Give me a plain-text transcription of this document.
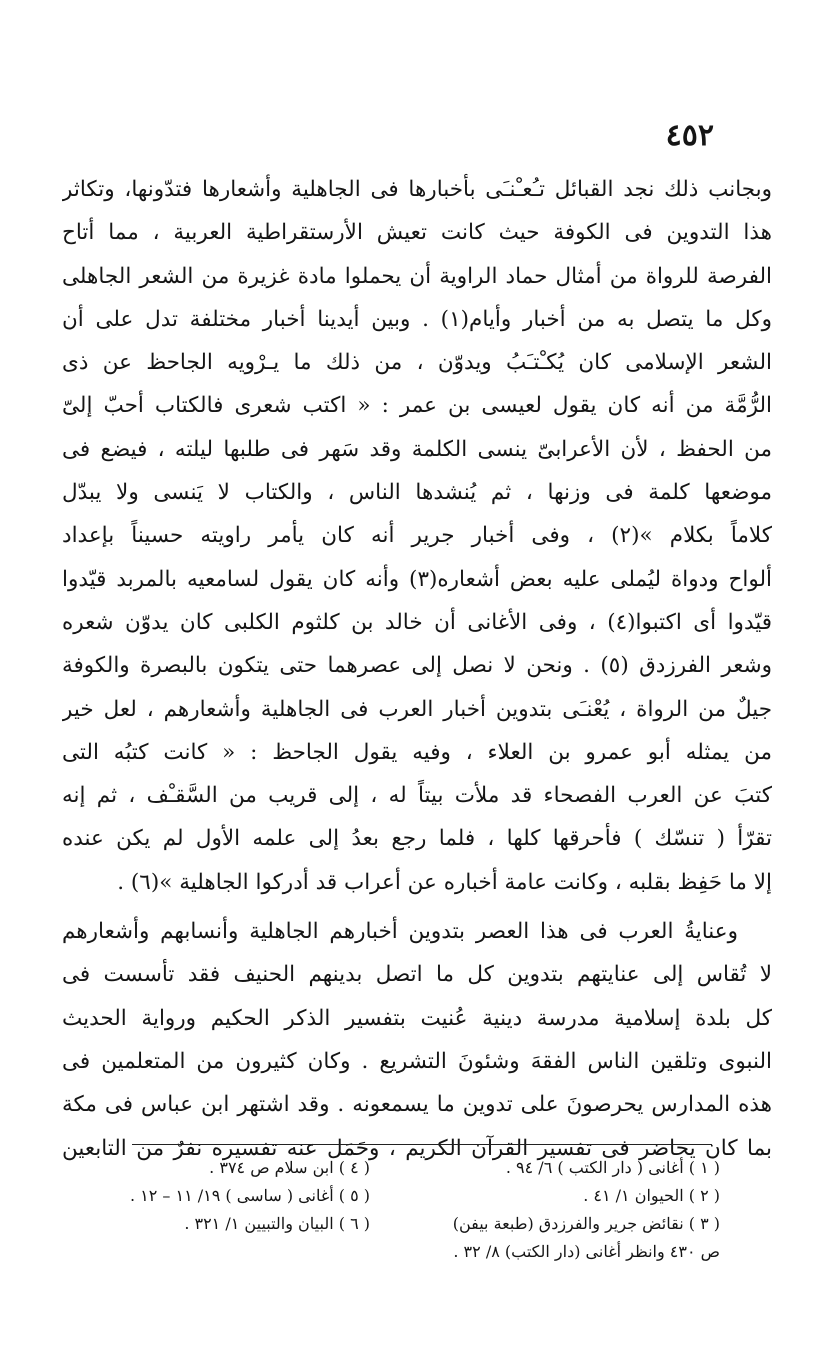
٤٥٢
وبجانب ذلك نجد القبائل تـُعـْنـَى بأخبارها فى الجاهلية وأشعارها فتدّونها، وتكاثر
هذا التدوين فى الكوفة حيث كانت تعيش الأرستقراطية العربية ، مما أتاح
الفرصة للرواة من أمثال حماد الراوية أن يحملوا مادة غزيرة من الشعر الجاهلى
وكل ما يتصل به من أخبار وأيام(١) . وبين أيدينا أخبار مختلفة تدل على أن
الشعر الإسلامى كان يُكـْتـَبُ ويدوّن ، من ذلك ما يـرْويه الجاحظ عن ذى
الرُّمَّة من أنه كان يقول لعيسى بن عمر : « اكتب شعرى فالكتاب أحبّ إلىّ
من الحفظ ، لأن الأعرابىّ ينسى الكلمة وقد سَهر فى طلبها ليلته ، فيضع فى
موضعها كلمة فى وزنها ، ثم يُنشدها الناس ، والكتاب لا يَنسى ولا يبدّل
كلاماً بكلام »(٢) ، وفى أخبار جرير أنه كان يأمر راويته حسيناً بإعداد
ألواح ودواة ليُملى عليه بعض أشعاره(٣) وأنه كان يقول لسامعيه بالمربد قيّدوا
قيّدوا أى اكتبوا(٤) ، وفى الأغانى أن خالد بن كلثوم الكلبى كان يدوّن شعره
وشعر الفرزدق (٥) . ونحن لا نصل إلى عصرهما حتى يتكون بالبصرة والكوفة
جيلٌ من الرواة ، يُعْنـَى بتدوين أخبار العرب فى الجاهلية وأشعارهم ، لعل خير
من يمثله أبو عمرو بن العلاء ، وفيه يقول الجاحظ : « كانت كتبُه التى
كتبَ عن العرب الفصحاء قد ملأت بيتاً له ، إلى قريب من السَّقـْف ، ثم إنه
تقرّأ ( تنسّك ) فأحرقها كلها ، فلما رجع بعدُ إلى علمه الأول لم يكن عنده
إلا ما حَفِظ بقلبه ، وكانت عامة أخباره عن أعراب قد أدركوا الجاهلية »(٦) .
وعنايةُ العرب فى هذا العصر بتدوين أخبارهم الجاهلية وأنسابهم وأشعارهم
لا تُقاس إلى عنايتهم بتدوين كل ما اتصل بدينهم الحنيف فقد تأسست فى
كل بلدة إسلامية مدرسة دينية عُنيت بتفسير الذكر الحكيم ورواية الحديث
النبوى وتلقين الناس الفقهَ وشئونَ التشريع . وكان كثيرون من المتعلمين فى
هذه المدارس يحرصونَ على تدوين ما يسمعونه . وقد اشتهر ابن عباس فى مكة
بما كان يحاضر فى تفسير القرآن الكريم ، وحَمَل عنه تفسيره نفرٌ من التابعين
( ١ ) أغانى ( دار الكتب ) ٦/ ٩٤ .
( ٢ ) الحيوان ١/ ٤١ .
( ٣ ) نقائض جرير والفرزدق (طبعة بيفن)
ص ٤٣٠ وانظر أغانى (دار الكتب) ٨/ ٣٢ .
( ٤ ) ابن سلام ص ٣٧٤ .
( ٥ ) أغانى ( ساسى ) ١٩/ ١١ – ١٢ .
( ٦ ) البيان والتبيين ١/ ٣٢١ .
